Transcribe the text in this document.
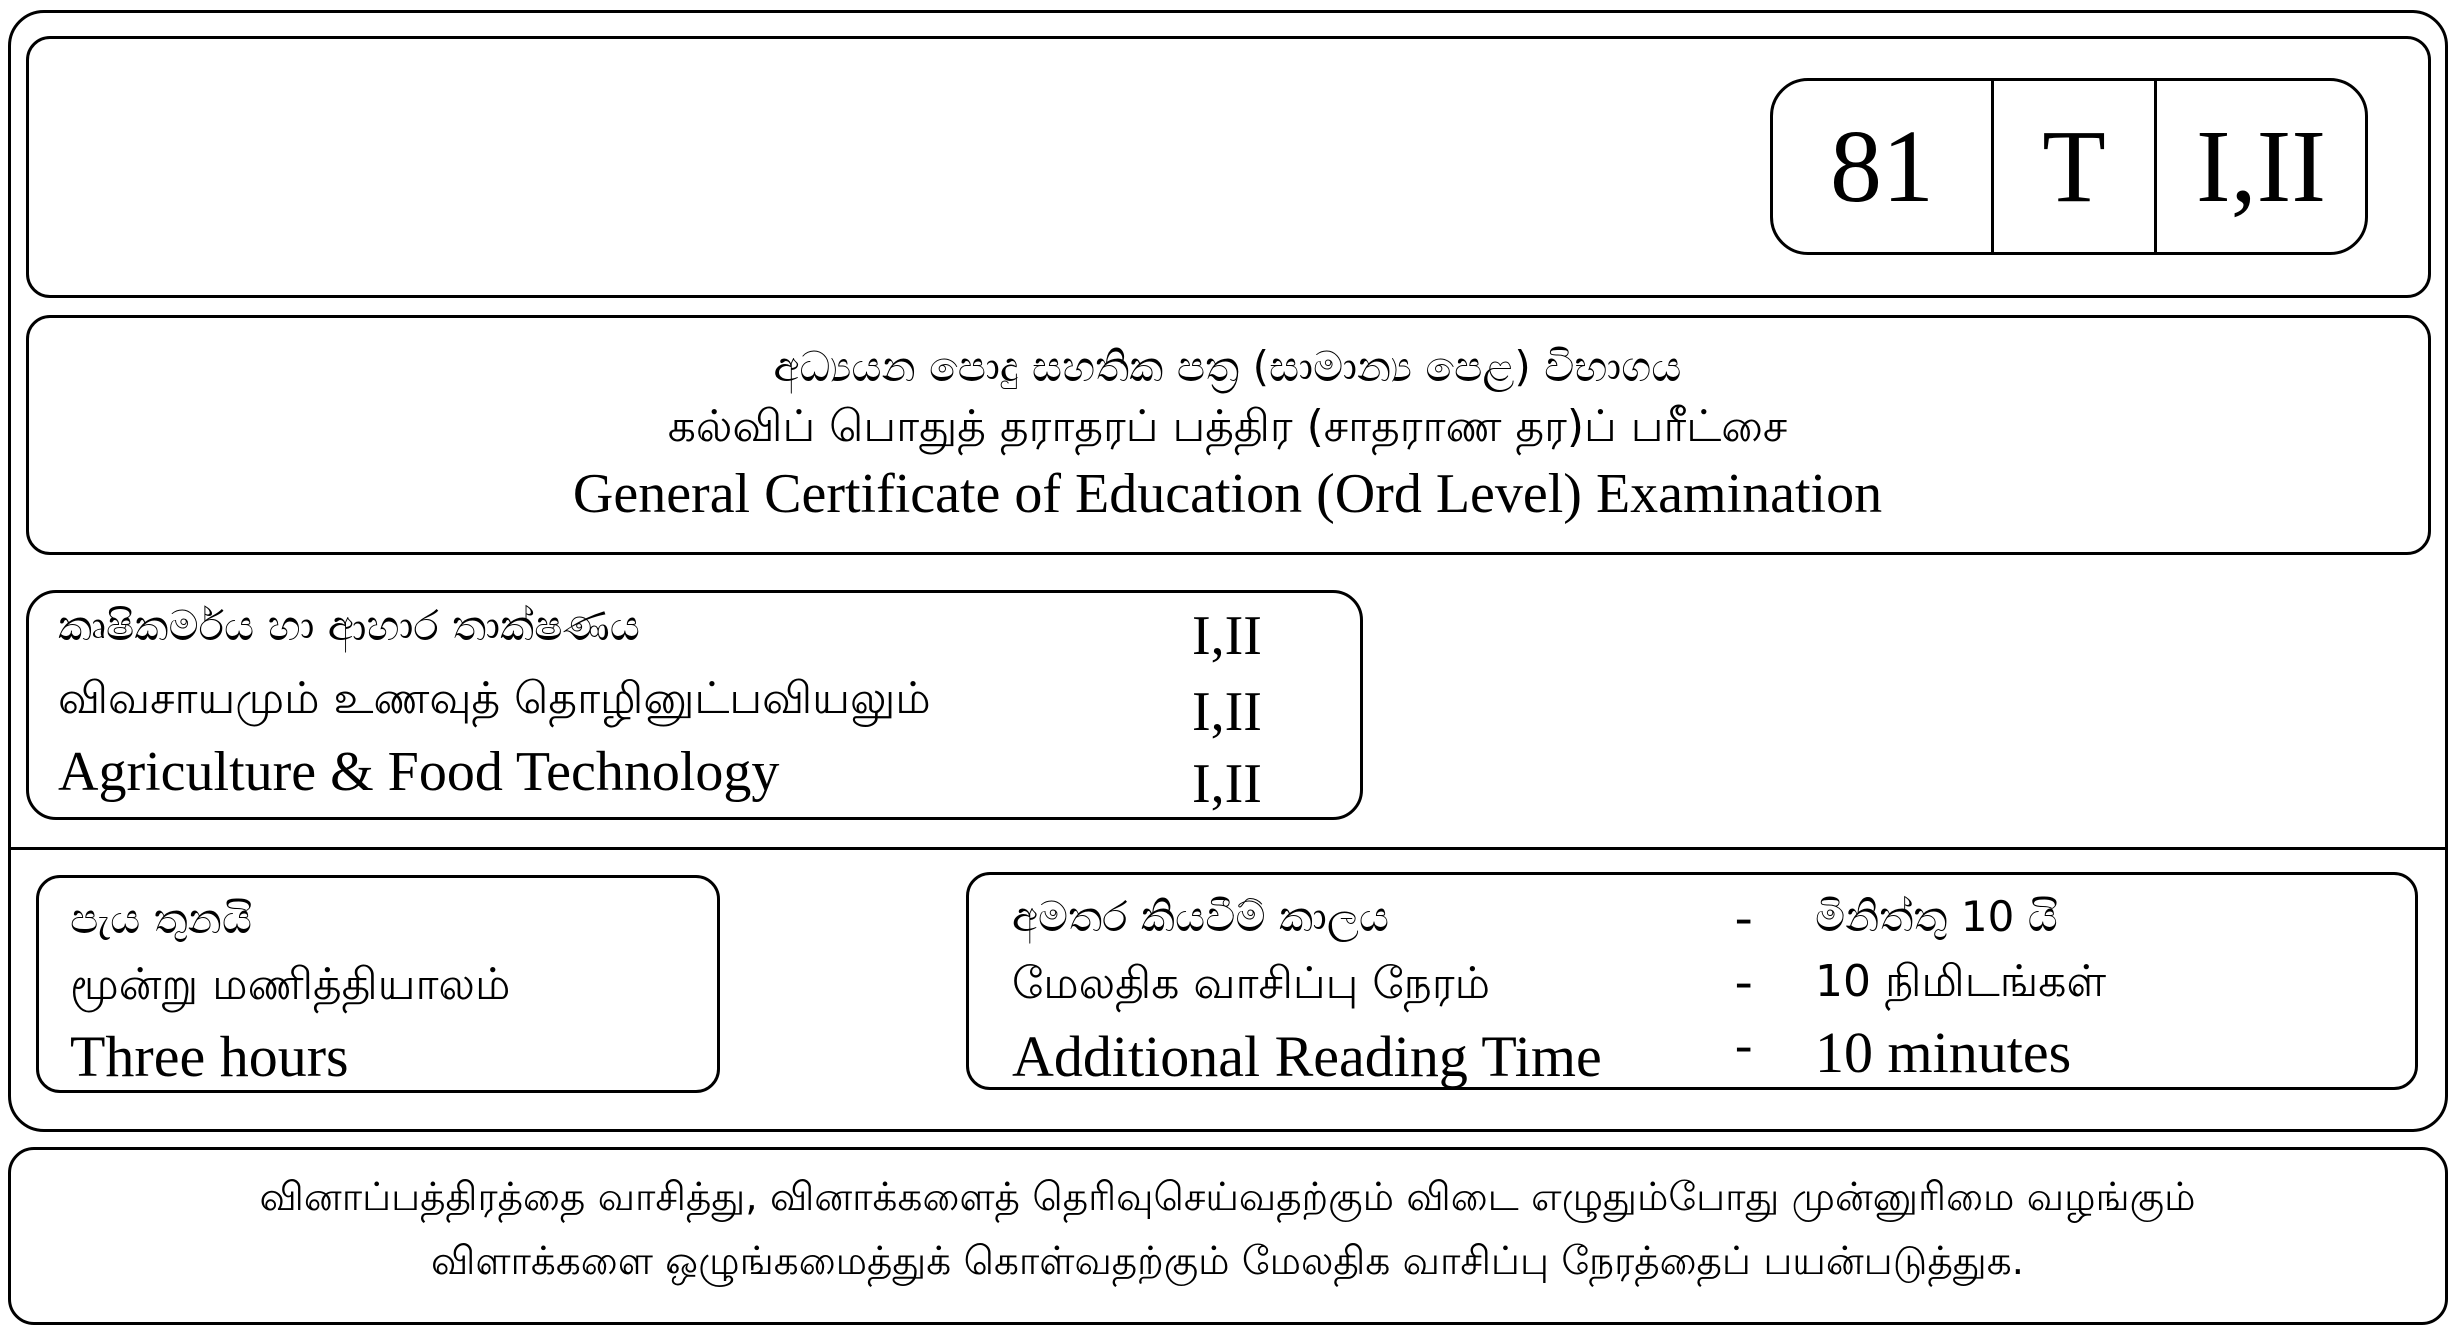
81	T I,II
අධ්‍යයන පොදු සහතික පත්‍ර (සාමාන්‍ය පෙළ) විභාගය
கல்விப் பொதுத் தராதரப் பத்திர (சாதராண தர)ப் பரீட்சை
General Certificate of Education (Ord Level) Examination
කෘෂිකර්මය හා ආහාර තාක්ෂණය
விவசாயமும் உணவுத் தொழினுட்பவியலும்
Agriculture & Food Technology
I,II
I,II
I,II
පැය තුනයි
மூன்று மணித்தியாலம்
Three hours
අමතර කියවීම් කාලය
மேலதிக வாசிப்பு நேரம்
Additional Reading Time
-
-
-
මිනිත්තු 10 යි
10 நிமிடங்கள்
10 minutes
வினாப்பத்திரத்தை வாசித்து, வினாக்களைத் தெரிவுசெய்வதற்கும் விடை எழுதும்போது முன்னுரிமை வழங்கும்
விளாக்களை ஒழுங்கமைத்துக் கொள்வதற்கும் மேலதிக வாசிப்பு நேரத்தைப் பயன்படுத்துக.
